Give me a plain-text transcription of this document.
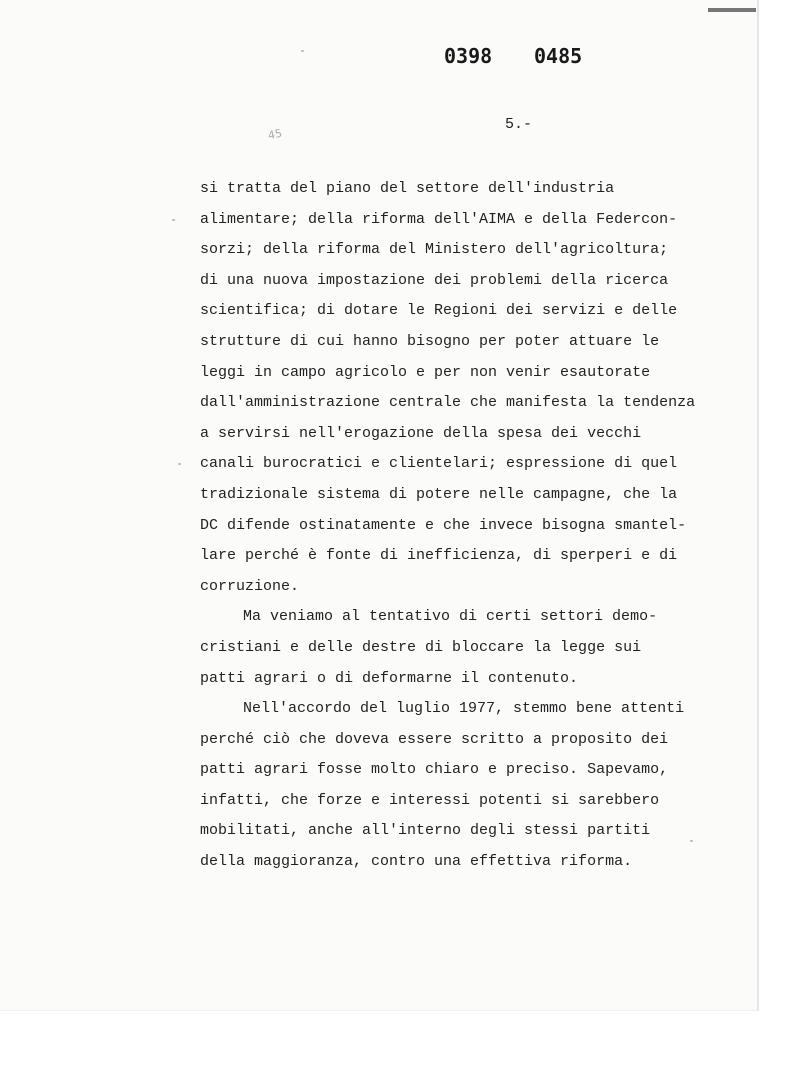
0398 0485
5.-
45
si tratta del piano del settore dell'industria
alimentare; della riforma dell'AIMA e della Federcon-
sorzi; della riforma del Ministero dell'agricoltura;
di una nuova impostazione dei problemi della ricerca
scientifica; di dotare le Regioni dei servizi e delle
strutture di cui hanno bisogno per poter attuare le
leggi in campo agricolo e per non venir esautorate
dall'amministrazione centrale che manifesta la tendenza
a servirsi nell'erogazione della spesa dei vecchi
canali burocratici e clientelari; espressione di quel
tradizionale sistema di potere nelle campagne, che la
DC difende ostinatamente e che invece bisogna smantel-
lare perché è fonte di inefficienza, di sperperi e di
corruzione.
Ma veniamo al tentativo di certi settori demo-
cristiani e delle destre di bloccare la legge sui
patti agrari o di deformarne il contenuto.
Nell'accordo del luglio 1977, stemmo bene attenti
perché ciò che doveva essere scritto a proposito dei
patti agrari fosse molto chiaro e preciso. Sapevamo,
infatti, che forze e interessi potenti si sarebbero
mobilitati, anche all'interno degli stessi partiti
della maggioranza, contro una effettiva riforma.
